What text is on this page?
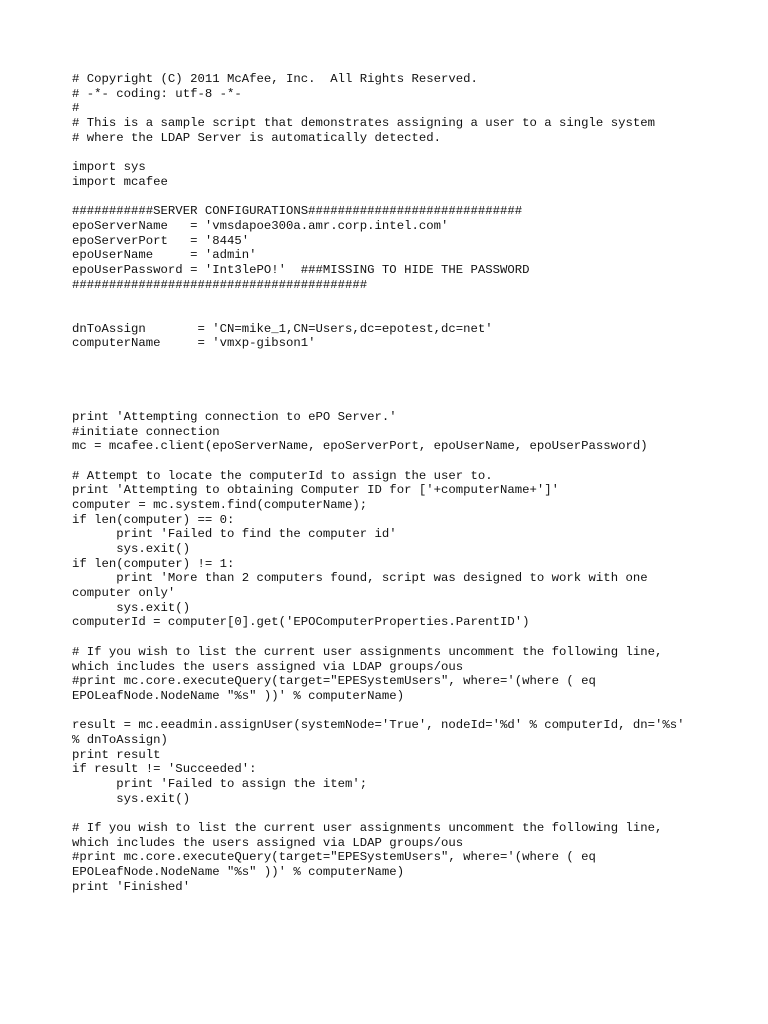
# Copyright (C) 2011 McAfee, Inc.  All Rights Reserved.
# -*- coding: utf-8 -*-
#
# This is a sample script that demonstrates assigning a user to a single system
# where the LDAP Server is automatically detected.
import sys
import mcafee
###########SERVER CONFIGURATIONS#############################
epoServerName   = 'vmsdapoe300a.amr.corp.intel.com'
epoServerPort   = '8445'
epoUserName     = 'admin'
epoUserPassword = 'Int3lePO!'  ###MISSING TO HIDE THE PASSWORD
########################################
dnToAssign       = 'CN=mike_1,CN=Users,dc=epotest,dc=net'
computerName     = 'vmxp-gibson1'
print 'Attempting connection to ePO Server.'
#initiate connection
mc = mcafee.client(epoServerName, epoServerPort, epoUserName, epoUserPassword)
# Attempt to locate the computerId to assign the user to.
print 'Attempting to obtaining Computer ID for ['+computerName+']'
computer = mc.system.find(computerName);
if len(computer) == 0:
print 'Failed to find the computer id'
sys.exit()
if len(computer) != 1:
print 'More than 2 computers found, script was designed to work with one
computer only'
sys.exit()
computerId = computer[0].get('EPOComputerProperties.ParentID')
# If you wish to list the current user assignments uncomment the following line,
which includes the users assigned via LDAP groups/ous
#print mc.core.executeQuery(target="EPESystemUsers", where='(where ( eq
EPOLeafNode.NodeName "%s" ))' % computerName)
result = mc.eeadmin.assignUser(systemNode='True', nodeId='%d' % computerId, dn='%s'
% dnToAssign)
print result
if result != 'Succeeded':
print 'Failed to assign the item';
sys.exit()
# If you wish to list the current user assignments uncomment the following line,
which includes the users assigned via LDAP groups/ous
#print mc.core.executeQuery(target="EPESystemUsers", where='(where ( eq
EPOLeafNode.NodeName "%s" ))' % computerName)
print 'Finished'
